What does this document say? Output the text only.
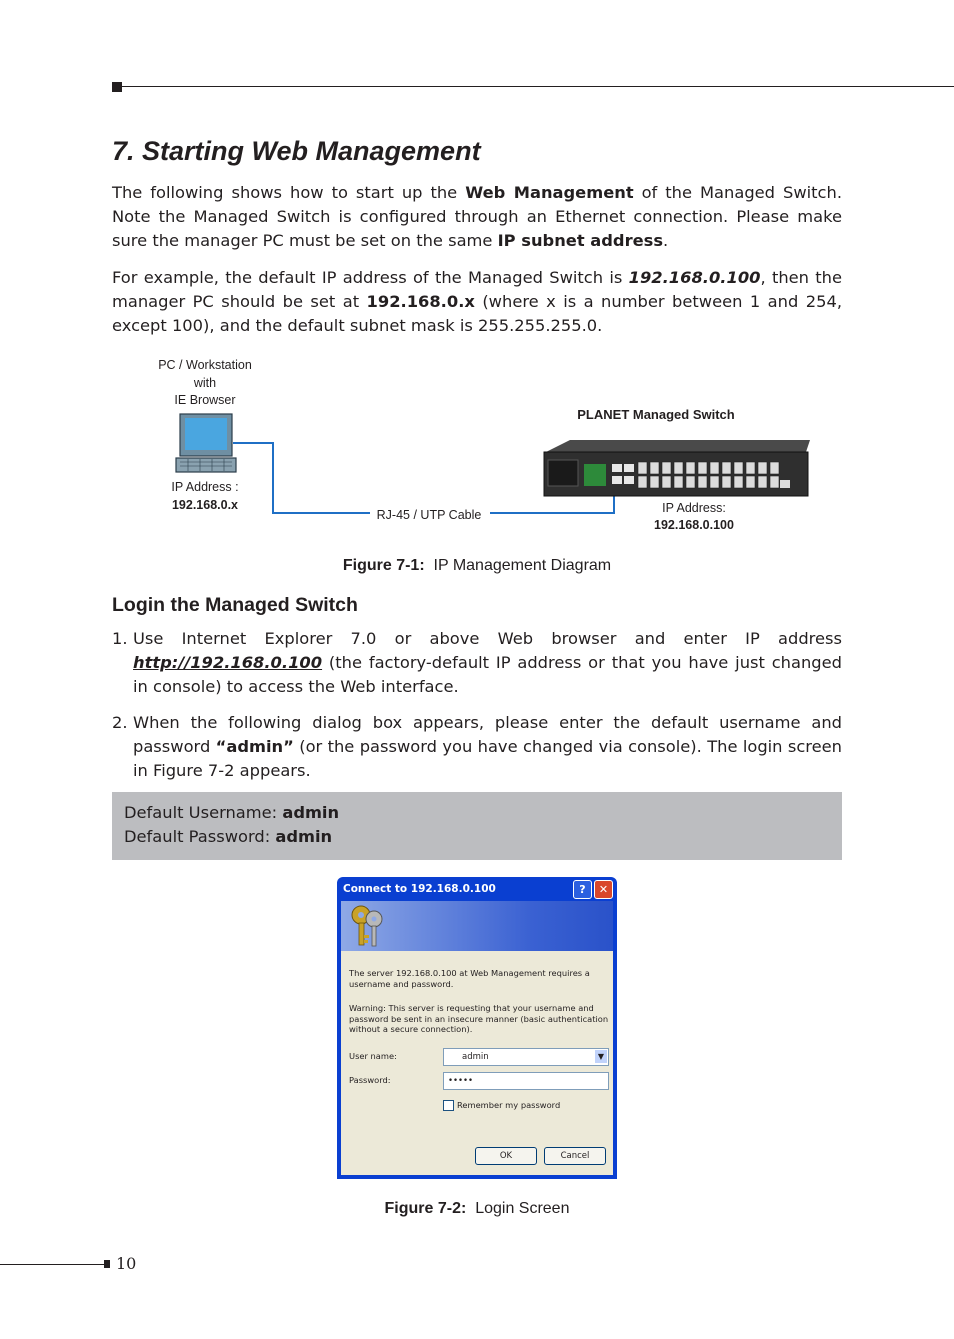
7. Starting Web Management
The following shows how to start up the Web Management of the Managed Switch. Note the Managed Switch is configured through an Ethernet connection. Please make sure the manager PC must be set on the same IP subnet address.
For example, the default IP address of the Managed Switch is 192.168.0.100, then the manager PC should be set at 192.168.0.x (where x is a number between 1 and 254, except 100), and the default subnet mask is 255.255.255.0.
PC / Workstation
with
IE Browser
IP Address :
192.168.0.x
RJ-45 / UTP Cable
PLANET Managed Switch
IP Address:
192.168.0.100
Figure 7-1: IP Management Diagram
Login the Managed Switch
1. Use Internet Explorer 7.0 or above Web browser and enter IP address http://192.168.0.100 (the factory-default IP address or that you have just changed in console) to access the Web interface.
2. When the following dialog box appears, please enter the default username and password “admin” (or the password you have changed via console). The login screen in Figure 7-2 appears.
Default Username: admin
Default Password: admin
Connect to 192.168.0.100	?	✕
The server 192.168.0.100 at Web Management requires a username and password.
Warning: This server is requesting that your username and password be sent in an insecure manner (basic authentication without a secure connection).
User name:	admin	▼
Password:	•••••
Remember my password
OK	Cancel
Figure 7-2: Login Screen
10
